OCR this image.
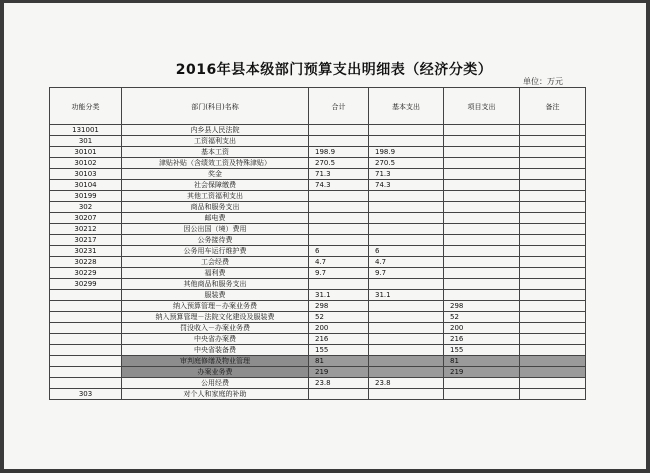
2016年县本级部门预算支出明细表（经济分类）
单位：万元
功能分类	部门(科目)名称	合计	基本支出	项目支出	备注
131001	内乡县人民法院				
301	工资福利支出				
30101	基本工资	198.9	198.9		
30102	津贴补贴（含绩效工资及特殊津贴）	270.5	270.5		
30103	奖金	71.3	71.3		
30104	社会保障缴费	74.3	74.3		
30199	其他工资福利支出				
302	商品和服务支出				
30207	邮电费				
30212	因公出国（境）费用				
30217	公务接待费				
30231	公务用车运行维护费	6	6		
30228	工会经费	4.7	4.7		
30229	福利费	9.7	9.7		
30299	其他商品和服务支出				
	服装费	31.1	31.1		
	纳入预算管理－办案业务费	298		298	
	纳入预算管理－法院文化建设及服装费	52		52	
	罚没收入－办案业务费	200		200	
	中央省办案费	216		216	
	中央省装备费	155		155	
	审判庭修缮及物业管理	81		81	
	办案业务费	219		219	
	公用经费	23.8	23.8		
303	对个人和家庭的补助				
